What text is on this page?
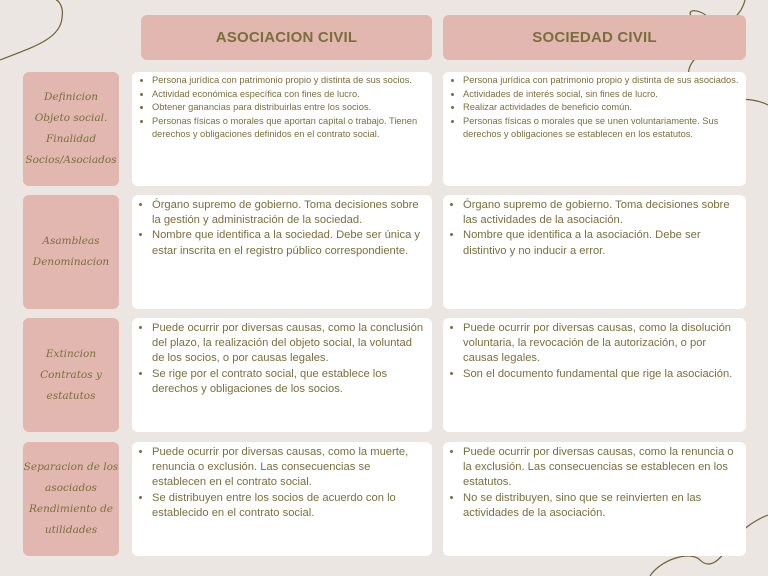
ASOCIACION CIVIL	SOCIEDAD CIVIL
Definicion
Objeto social.
Finalidad
Socios/Asociados
• Persona jurídica con patrimonio propio y distinta de sus socios.
• Actividad económica específica con fines de lucro.
• Obtener ganancias para distribuirlas entre los socios.
• Personas físicas o morales que aportan capital o trabajo. Tienen derechos y obligaciones definidos en el contrato social.
• Persona jurídica con patrimonio propio y distinta de sus asociados.
• Actividades de interés social, sin fines de lucro.
• Realizar actividades de beneficio común.
• Personas físicas o morales que se unen voluntariamente. Sus derechos y obligaciones se establecen en los estatutos.
Asambleas
Denominacion
• Órgano supremo de gobierno. Toma decisiones sobre la gestión y administración de la sociedad.
• Nombre que identifica a la sociedad. Debe ser única y estar inscrita en el registro público correspondiente.
• Órgano supremo de gobierno. Toma decisiones sobre las actividades de la asociación.
• Nombre que identifica a la asociación. Debe ser distintivo y no inducir a error.
Extincion
Contratos y
estatutos
• Puede ocurrir por diversas causas, como la conclusión del plazo, la realización del objeto social, la voluntad de los socios, o por causas legales.
• Se rige por el contrato social, que establece los derechos y obligaciones de los socios.
• Puede ocurrir por diversas causas, como la disolución voluntaria, la revocación de la autorización, o por causas legales.
• Son el documento fundamental que rige la asociación.
Separacion de los
asociados
Rendimiento de
utilidades
• Puede ocurrir por diversas causas, como la muerte, renuncia o exclusión. Las consecuencias se establecen en el contrato social.
• Se distribuyen entre los socios de acuerdo con lo establecido en el contrato social.
• Puede ocurrir por diversas causas, como la renuncia o la exclusión. Las consecuencias se establecen en los estatutos.
• No se distribuyen, sino que se reinvierten en las actividades de la asociación.
